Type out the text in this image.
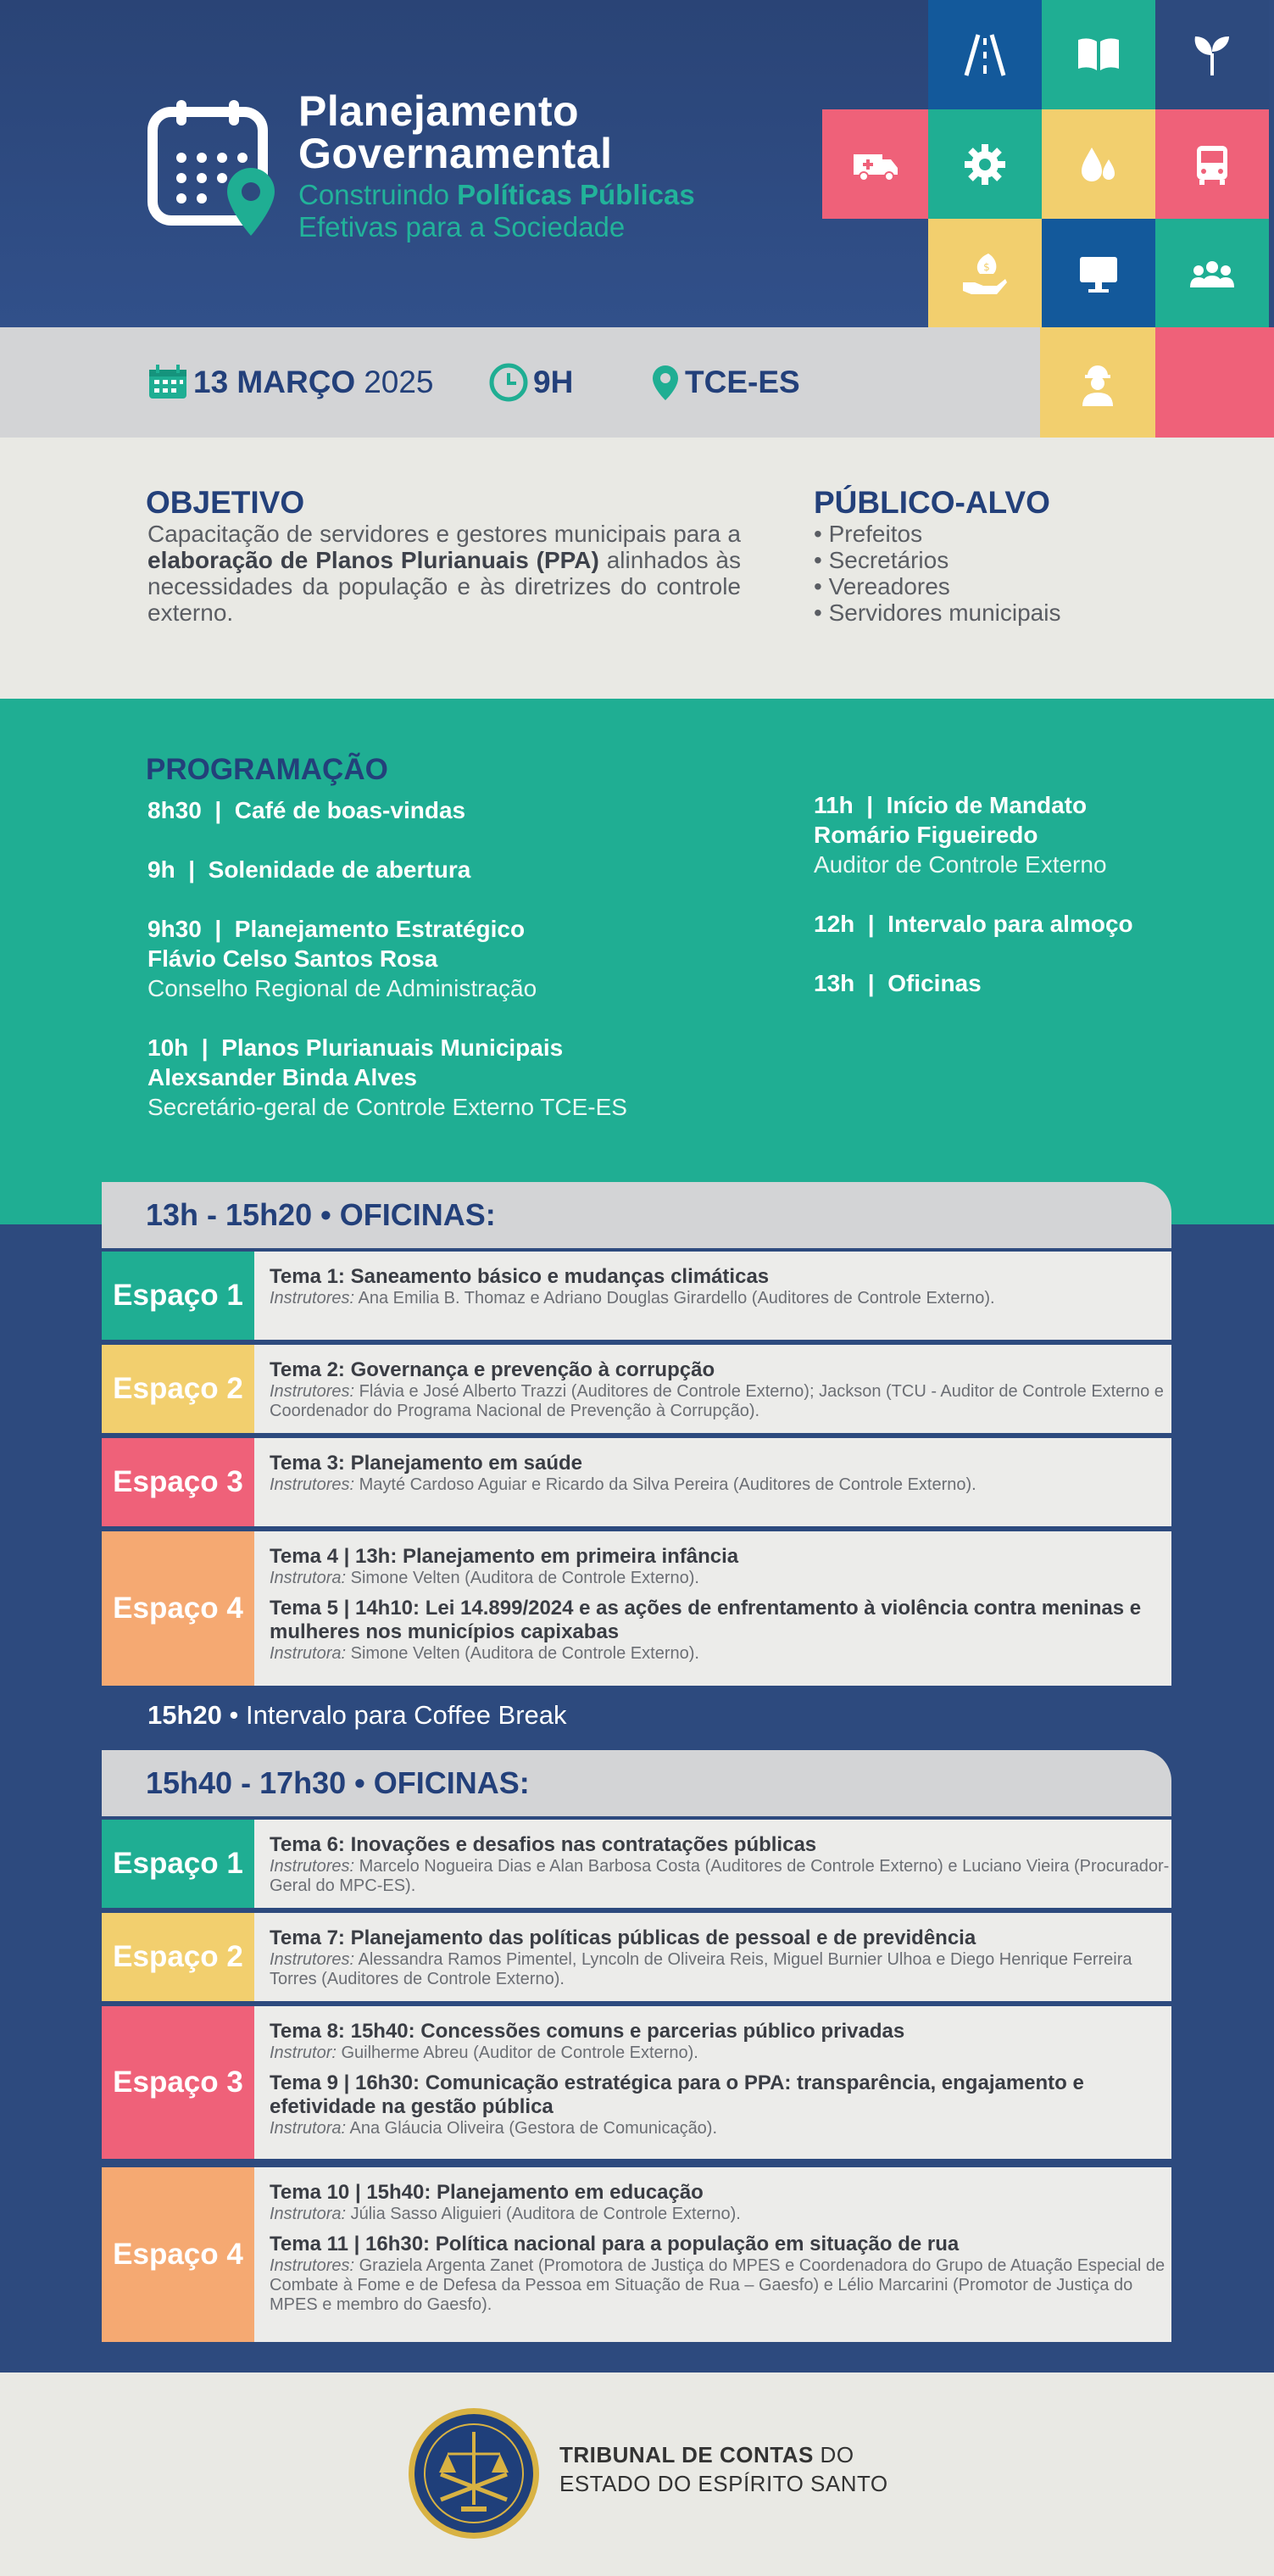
$
Planejamento
Governamental
Construindo Políticas Públicas
Efetivas para a Sociedade
13 MARÇO 2025	9H	TCE-ES
OBJETIVO
Capacitação de servidores e gestores municipais para a elaboração de Planos Plurianuais (PPA) alinhados às necessidades da população e às diretrizes do controle externo.
PÚBLICO-ALVO
• Prefeitos
• Secretários
• Vereadores
• Servidores municipais
PROGRAMAÇÃO
8h30  |  Café de boas-vindas
9h  |  Solenidade de abertura
9h30  |  Planejamento Estratégico
Flávio Celso Santos Rosa
Conselho Regional de Administração
10h  |  Planos Plurianuais Municipais
Alexsander Binda Alves
Secretário-geral de Controle Externo TCE-ES
11h  |  Início de Mandato
Romário Figueiredo
Auditor de Controle Externo
12h  |  Intervalo para almoço
13h  |  Oficinas
13h - 15h20 • OFICINAS:
Espaço 1
Tema 1: Saneamento básico e mudanças climáticas
Instrutores: Ana Emilia B. Thomaz e Adriano Douglas Girardello (Auditores de Controle Externo).
Espaço 2
Tema 2: Governança e prevenção à corrupção
Instrutores: Flávia e José Alberto Trazzi (Auditores de Controle Externo); Jackson (TCU - Auditor de Controle Externo e Coordenador do Programa Nacional de Prevenção à Corrupção).
Espaço 3
Tema 3: Planejamento em saúde
Instrutores: Mayté Cardoso Aguiar e Ricardo da Silva Pereira (Auditores de Controle Externo).
Espaço 4
Tema 4 | 13h: Planejamento em primeira infância
Instrutora: Simone Velten (Auditora de Controle Externo).
Tema 5 | 14h10: Lei 14.899/2024 e as ações de enfrentamento à violência contra meninas e mulheres nos municípios capixabas
Instrutora: Simone Velten (Auditora de Controle Externo).
15h20 • Intervalo para Coffee Break
15h40 - 17h30 • OFICINAS:
Espaço 1
Tema 6: Inovações e desafios nas contratações públicas
Instrutores: Marcelo Nogueira Dias e Alan Barbosa Costa (Auditores de Controle Externo) e Luciano Vieira (Procurador-Geral do MPC-ES).
Espaço 2
Tema 7: Planejamento das políticas públicas de pessoal e de previdência
Instrutores: Alessandra Ramos Pimentel, Lyncoln de Oliveira Reis, Miguel Burnier Ulhoa e Diego Henrique Ferreira Torres (Auditores de Controle Externo).
Espaço 3
Tema 8: 15h40: Concessões comuns e parcerias público privadas
Instrutor: Guilherme Abreu (Auditor de Controle Externo).
Tema 9 | 16h30: Comunicação estratégica para o PPA: transparência, engajamento e efetividade na gestão pública
Instrutora: Ana Gláucia Oliveira (Gestora de Comunicação).
Espaço 4
Tema 10 | 15h40: Planejamento em educação
Instrutora: Júlia Sasso Aliguieri (Auditora de Controle Externo).
Tema 11 | 16h30: Política nacional para a população em situação de rua
Instrutores: Graziela Argenta Zanet (Promotora de Justiça do MPES e Coordenadora do Grupo de Atuação Especial de Combate à Fome e de Defesa da Pessoa em Situação de Rua – Gaesfo) e Lélio Marcarini (Promotor de Justiça do MPES e membro do Gaesfo).
TRIBUNAL DE CONTAS DO
ESTADO DO ESPÍRITO SANTO
